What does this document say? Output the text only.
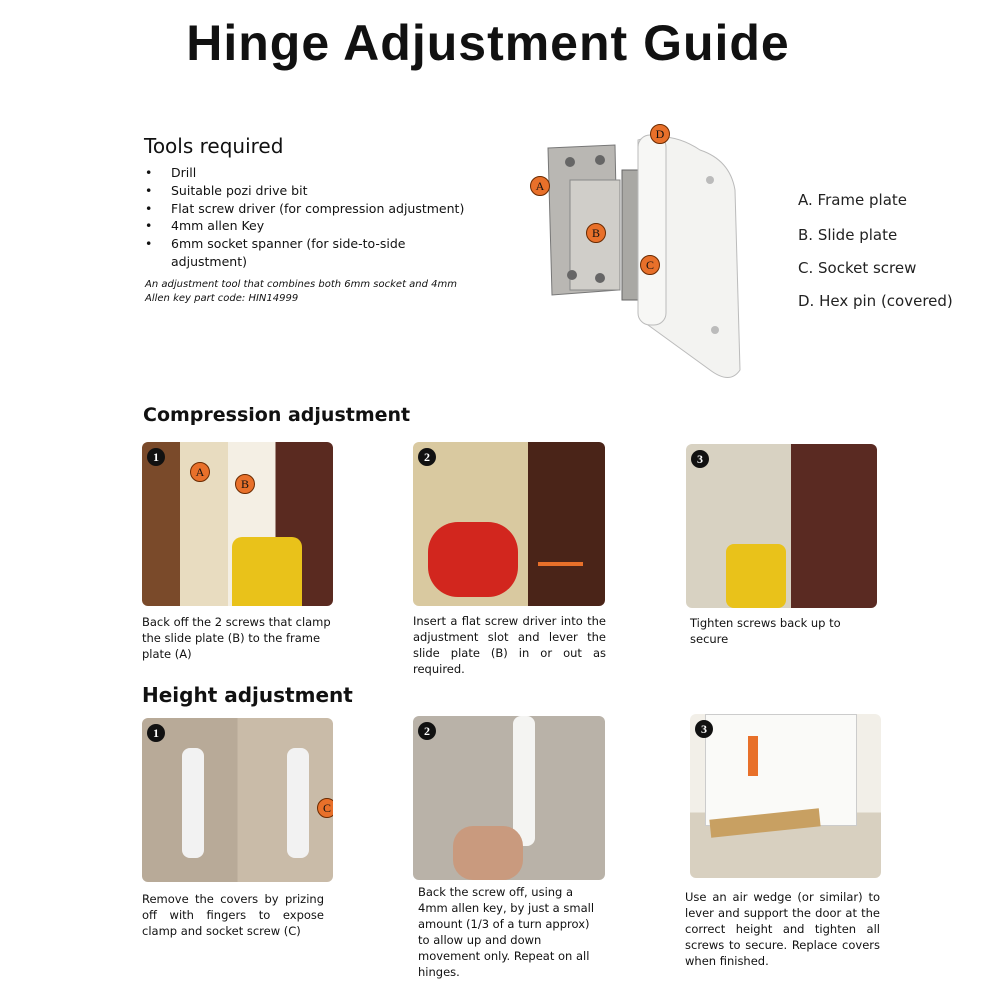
Hinge Adjustment Guide
Tools required
• Drill
• Suitable pozi drive bit
• Flat screw driver (for compression adjustment)
• 4mm allen Key
• 6mm socket spanner (for side-to-side adjustment)
An adjustment tool that combines both 6mm socket and 4mm Allen key part code: HIN14999
A
B
C
D
A. Frame plate
B. Slide plate
C. Socket screw
D. Hex pin (covered)
Compression adjustment
1
A
B
2	3
Back off the 2 screws that clamp the slide plate (B) to the frame plate (A)
Insert a flat screw driver into the adjustment slot and lever the slide plate (B) in or out as required.
Tighten screws back up to secure
Height adjustment
1
C
2	3
Remove the covers by prizing off with fingers to expose clamp and socket screw (C)
Back the screw off, using a 4mm allen key, by just a small amount (1/3 of a turn approx) to allow up and down movement only. Repeat on all hinges.
Use an air wedge (or similar) to lever and support the door at the correct height and tighten all screws to secure. Replace covers when finished.
